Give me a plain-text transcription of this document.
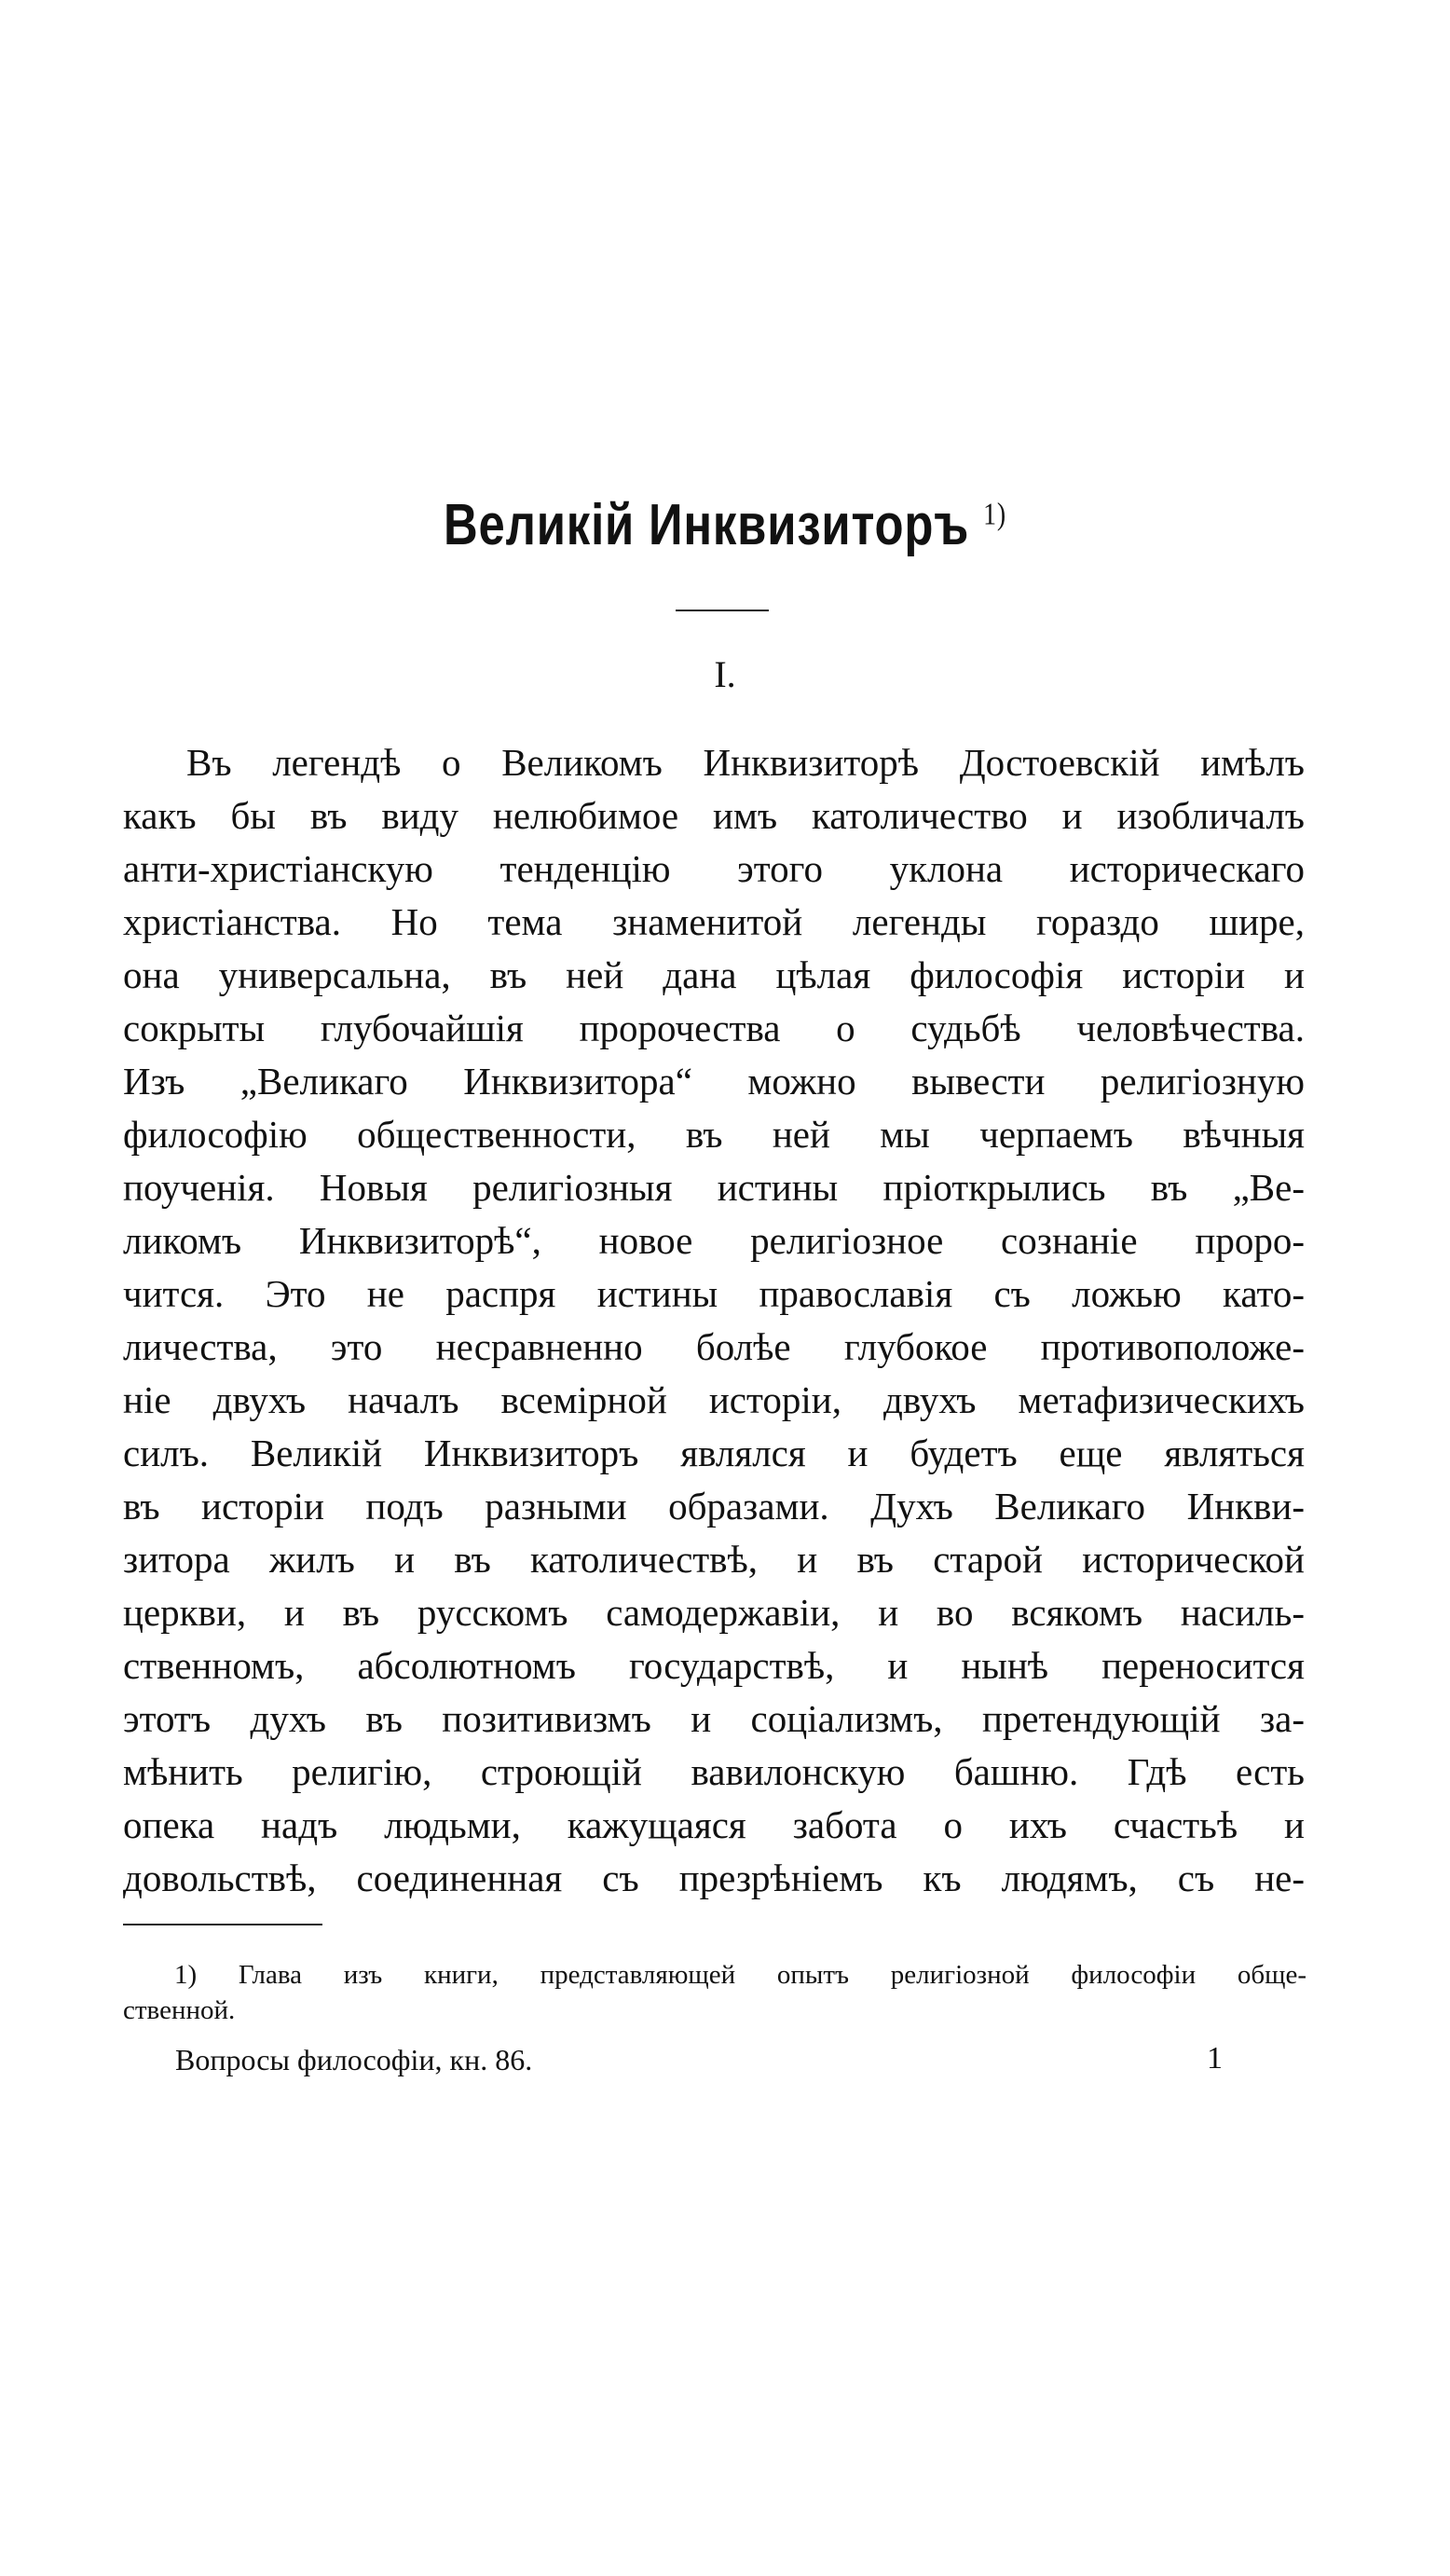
Великій Инквизиторъ $^{1)}$
I.
Въ легендѣ о Великомъ Инквизиторѣ Достоевскій имѣлъ
какъ бы въ виду нелюбимое имъ католичество и изобличалъ
анти-христіанскую тенденцію этого уклона историческаго
христіанства. Но тема знаменитой легенды гораздо шире,
она универсальна, въ ней дана цѣлая философія исторіи и
сокрыты глубочайшія пророчества о судьбѣ человѣчества.
Изъ „Великаго Инквизитора“ можно вывести религіозную
философію общественности, въ ней мы черпаемъ вѣчныя
поученія. Новыя религіозныя истины пріоткрылись въ „Ве-
ликомъ Инквизиторѣ“, новое религіозное сознаніе проро-
чится. Это не распря истины православія съ ложью като-
личества, это несравненно болѣе глубокое противоположе-
ніе двухъ началъ всемірной исторіи, двухъ метафизическихъ
силъ. Великій Инквизиторъ являлся и будетъ еще являться
въ исторіи подъ разными образами. Духъ Великаго Инкви-
зитора жилъ и въ католичествѣ, и въ старой исторической
церкви, и въ русскомъ самодержавіи, и во всякомъ насиль-
ственномъ, абсолютномъ государствѣ, и нынѣ переносится
этотъ духъ въ позитивизмъ и соціализмъ, претендующій за-
мѣнить религію, строющій вавилонскую башню. Гдѣ есть
опека надъ людьми, кажущаяся забота о ихъ счастьѣ и
довольствѣ, соединенная съ презрѣніемъ къ людямъ, съ не-
1) Глава изъ книги, представляющей опытъ религіозной философіи обще-
ственной.
Вопросы философіи, кн. 86.	1
